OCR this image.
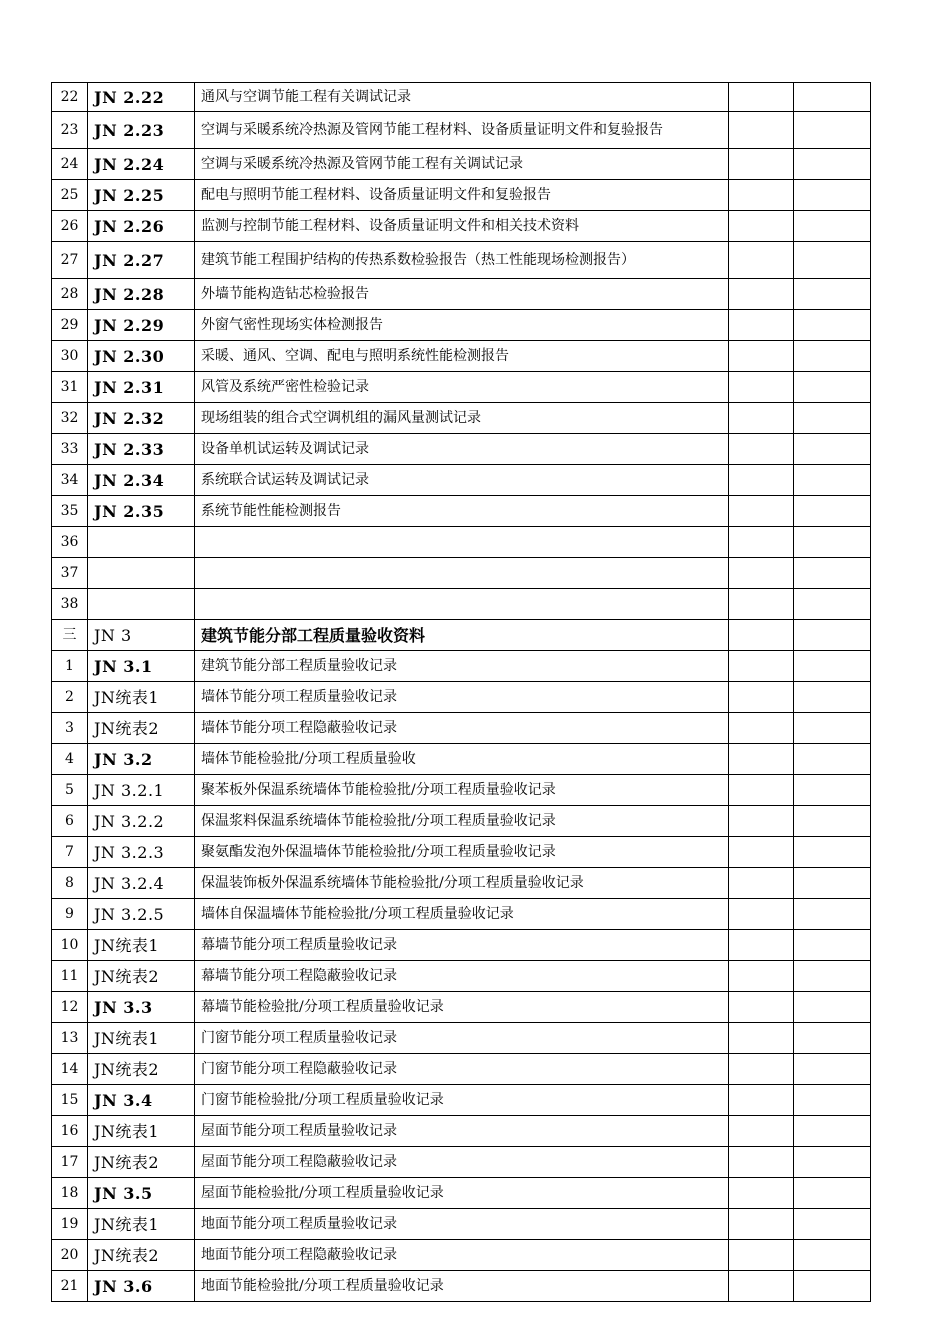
22	JN 2.22	通风与空调节能工程有关调试记录		
23	JN 2.23	空调与采暖系统冷热源及管网节能工程材料、设备质量证明文件和复验报告		
24	JN 2.24	空调与采暖系统冷热源及管网节能工程有关调试记录		
25	JN 2.25	配电与照明节能工程材料、设备质量证明文件和复验报告		
26	JN 2.26	监测与控制节能工程材料、设备质量证明文件和相关技术资料		
27	JN 2.27	建筑节能工程围护结构的传热系数检验报告（热工性能现场检测报告）		
28	JN 2.28	外墙节能构造钻芯检验报告		
29	JN 2.29	外窗气密性现场实体检测报告		
30	JN 2.30	采暖、通风、空调、配电与照明系统性能检测报告		
31	JN 2.31	风管及系统严密性检验记录		
32	JN 2.32	现场组装的组合式空调机组的漏风量测试记录		
33	JN 2.33	设备单机试运转及调试记录		
34	JN 2.34	系统联合试运转及调试记录		
35	JN 2.35	系统节能性能检测报告		
36				
37				
38				
三	JN 3	建筑节能分部工程质量验收资料		
1	JN 3.1	建筑节能分部工程质量验收记录		
2	JN统表1	墙体节能分项工程质量验收记录		
3	JN统表2	墙体节能分项工程隐蔽验收记录		
4	JN 3.2	墙体节能检验批/分项工程质量验收		
5	JN 3.2.1	聚苯板外保温系统墙体节能检验批/分项工程质量验收记录		
6	JN 3.2.2	保温浆料保温系统墙体节能检验批/分项工程质量验收记录		
7	JN 3.2.3	聚氨酯发泡外保温墙体节能检验批/分项工程质量验收记录		
8	JN 3.2.4	保温装饰板外保温系统墙体节能检验批/分项工程质量验收记录		
9	JN 3.2.5	墙体自保温墙体节能检验批/分项工程质量验收记录		
10	JN统表1	幕墙节能分项工程质量验收记录		
11	JN统表2	幕墙节能分项工程隐蔽验收记录		
12	JN 3.3	幕墙节能检验批/分项工程质量验收记录		
13	JN统表1	门窗节能分项工程质量验收记录		
14	JN统表2	门窗节能分项工程隐蔽验收记录		
15	JN 3.4	门窗节能检验批/分项工程质量验收记录		
16	JN统表1	屋面节能分项工程质量验收记录		
17	JN统表2	屋面节能分项工程隐蔽验收记录		
18	JN 3.5	屋面节能检验批/分项工程质量验收记录		
19	JN统表1	地面节能分项工程质量验收记录		
20	JN统表2	地面节能分项工程隐蔽验收记录		
21	JN 3.6	地面节能检验批/分项工程质量验收记录		
